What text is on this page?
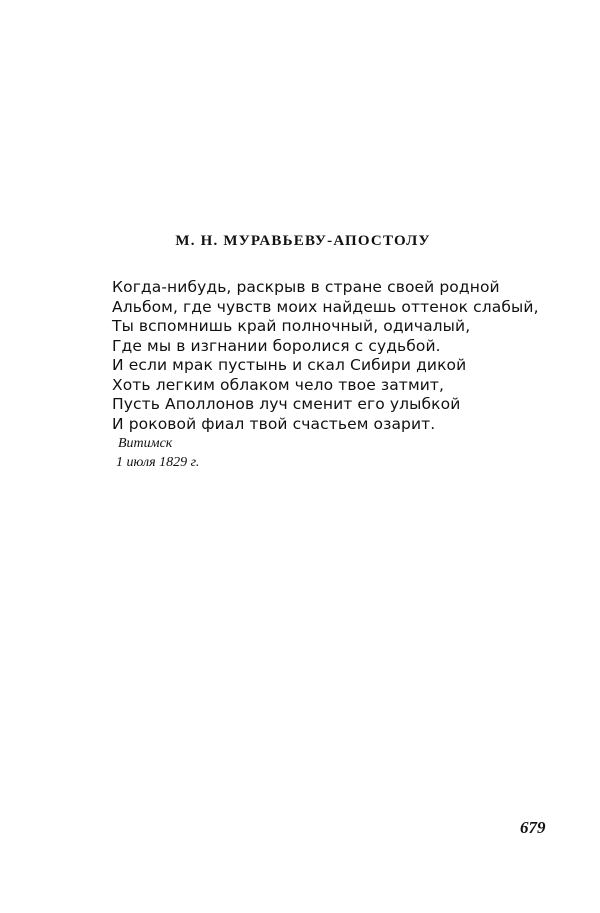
М. Н. МУРАВЬЕВУ-АПОСТОЛУ
Когда-нибудь, раскрыв в стране своей родной
Альбом, где чувств моих найдешь оттенок слабый,
Ты вспомнишь край полночный, одичалый,
Где мы в изгнании боролися с судьбой.
И если мрак пустынь и скал Сибири дикой
Хоть легким облаком чело твое затмит,
Пусть Аполлонов луч сменит его улыбкой
И роковой фиал твой счастьем озарит.
Витимск
1 июля 1829 г.
679
